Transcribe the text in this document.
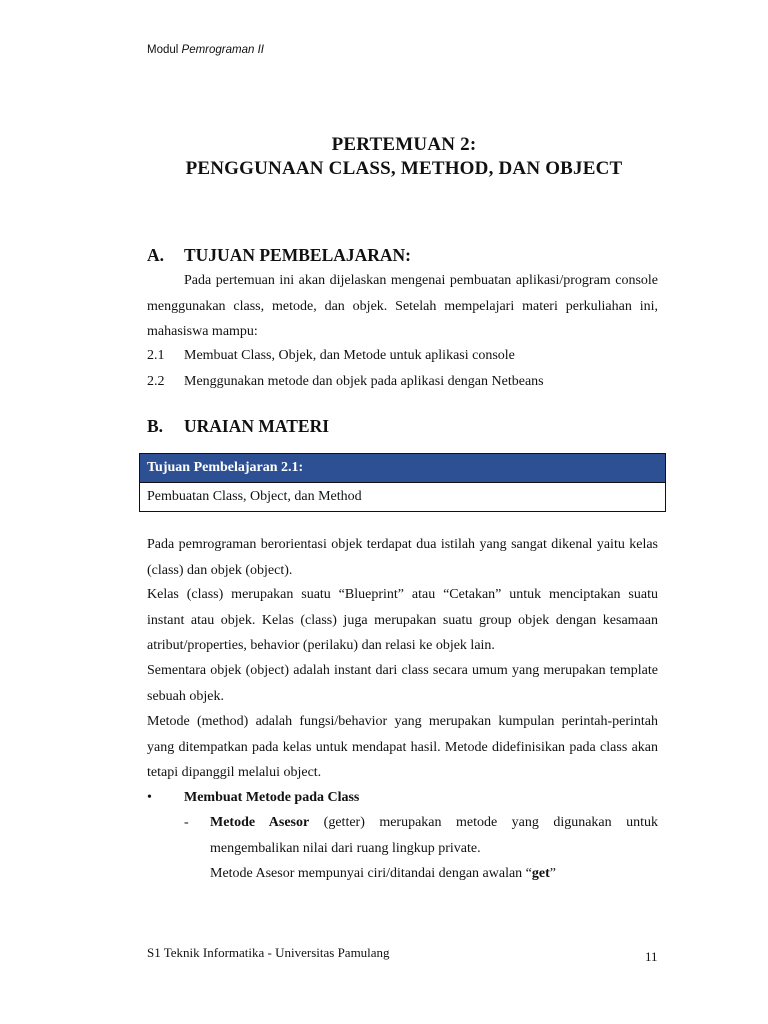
Modul Pemrograman II
PERTEMUAN 2:
PENGGUNAAN CLASS, METHOD, DAN OBJECT
A. TUJUAN PEMBELAJARAN:
Pada pertemuan ini akan dijelaskan mengenai pembuatan aplikasi/program console menggunakan class, metode, dan objek. Setelah mempelajari materi perkuliahan ini, mahasiswa mampu:
2.1 Membuat Class, Objek, dan Metode untuk aplikasi console
2.2 Menggunakan metode dan objek pada aplikasi dengan Netbeans
B. URAIAN MATERI
Tujuan Pembelajaran 2.1:
Pembuatan Class, Object, dan Method
Pada pemrograman berorientasi objek terdapat dua istilah yang sangat dikenal yaitu kelas (class) dan objek (object).
Kelas (class) merupakan suatu “Blueprint” atau “Cetakan” untuk menciptakan suatu instant atau objek. Kelas (class) juga merupakan suatu group objek dengan kesamaan atribut/properties, behavior (perilaku) dan relasi ke objek lain.
Sementara objek (object) adalah instant dari class secara umum yang merupakan template sebuah objek.
Metode (method) adalah fungsi/behavior yang merupakan kumpulan perintah-perintah yang ditempatkan pada kelas untuk mendapat hasil. Metode didefinisikan pada class akan tetapi dipanggil melalui object.
• Membuat Metode pada Class
- Metode Asesor (getter) merupakan metode yang digunakan untuk mengembalikan nilai dari ruang lingkup private.
Metode Asesor mempunyai ciri/ditandai dengan awalan “get”
S1 Teknik Informatika - Universitas Pamulang	11
